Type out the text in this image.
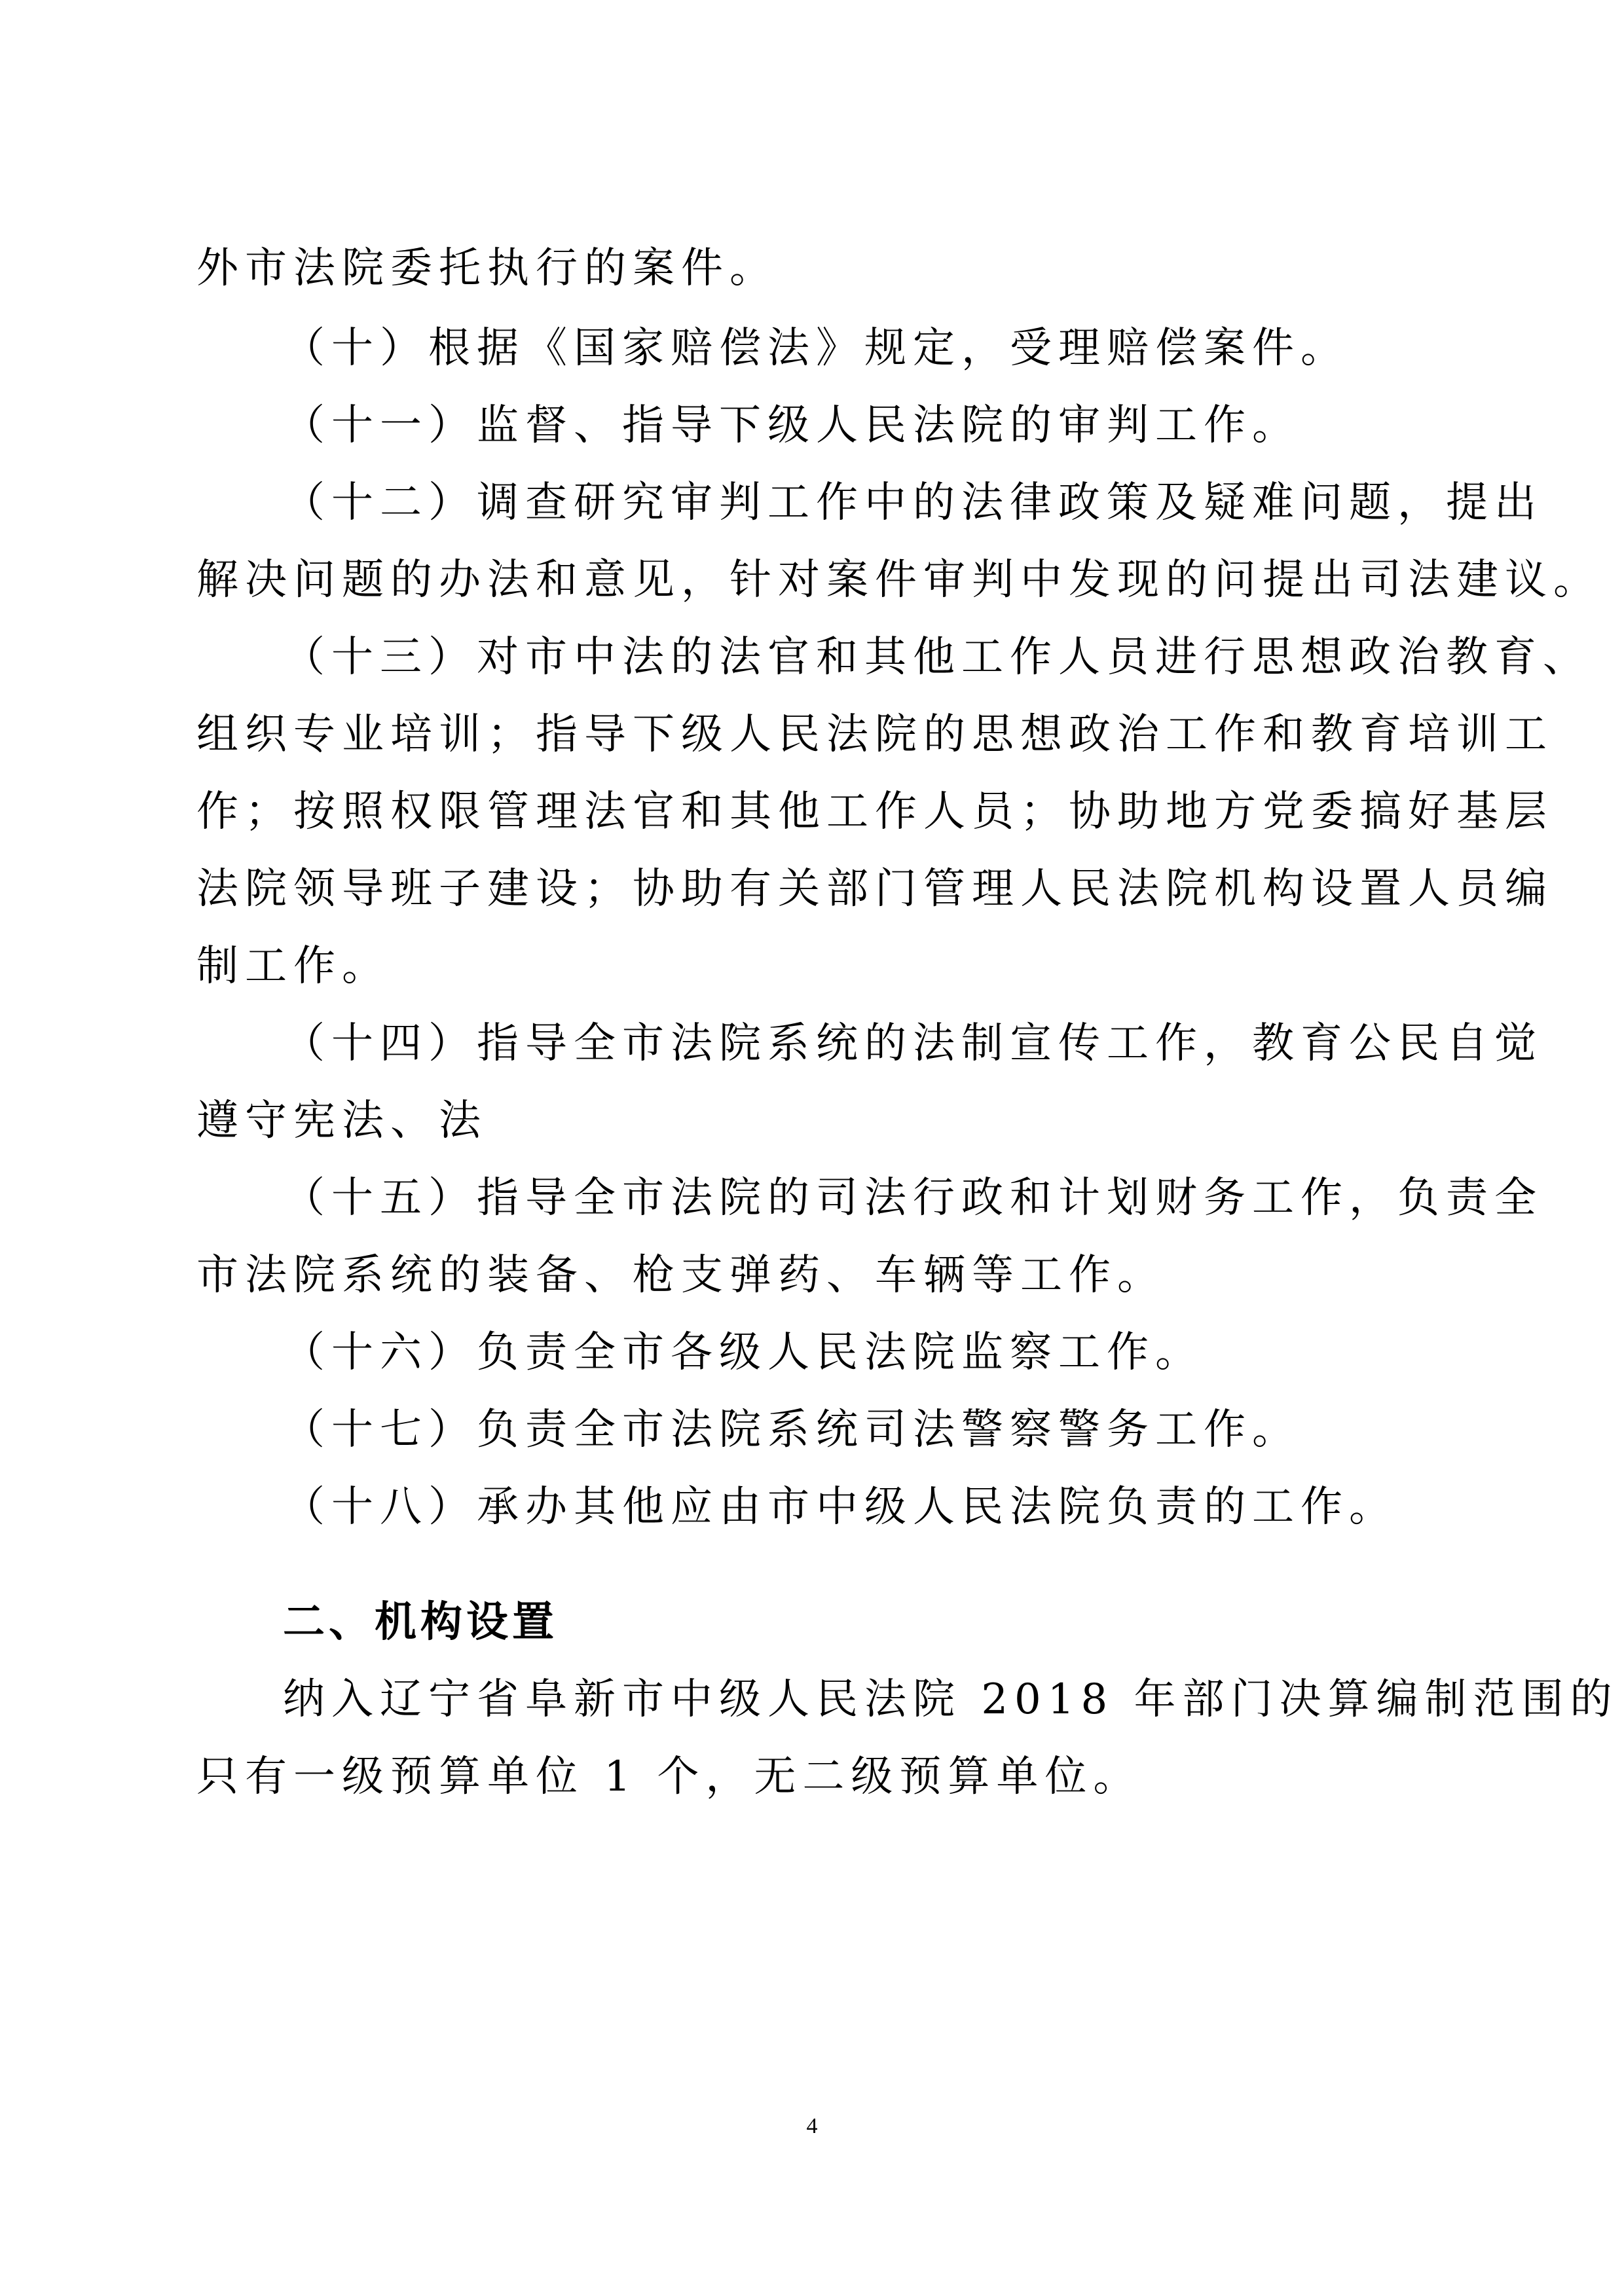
外市法院委托执行的案件。
（十）根据《国家赔偿法》规定，受理赔偿案件。
（十一）监督、指导下级人民法院的审判工作。
（十二）调查研究审判工作中的法律政策及疑难问题，提出
解决问题的办法和意见，针对案件审判中发现的问提出司法建议。
（十三）对市中法的法官和其他工作人员进行思想政治教育、
组织专业培训；指导下级人民法院的思想政治工作和教育培训工
作；按照权限管理法官和其他工作人员；协助地方党委搞好基层
法院领导班子建设；协助有关部门管理人民法院机构设置人员编
制工作。
（十四）指导全市法院系统的法制宣传工作，教育公民自觉
遵守宪法、法
（十五）指导全市法院的司法行政和计划财务工作，负责全
市法院系统的装备、枪支弹药、车辆等工作。
（十六）负责全市各级人民法院监察工作。
（十七）负责全市法院系统司法警察警务工作。
（十八）承办其他应由市中级人民法院负责的工作。
二、机构设置
纳入辽宁省阜新市中级人民法院 2018 年部门决算编制范围的
只有一级预算单位 1 个，无二级预算单位。
4
